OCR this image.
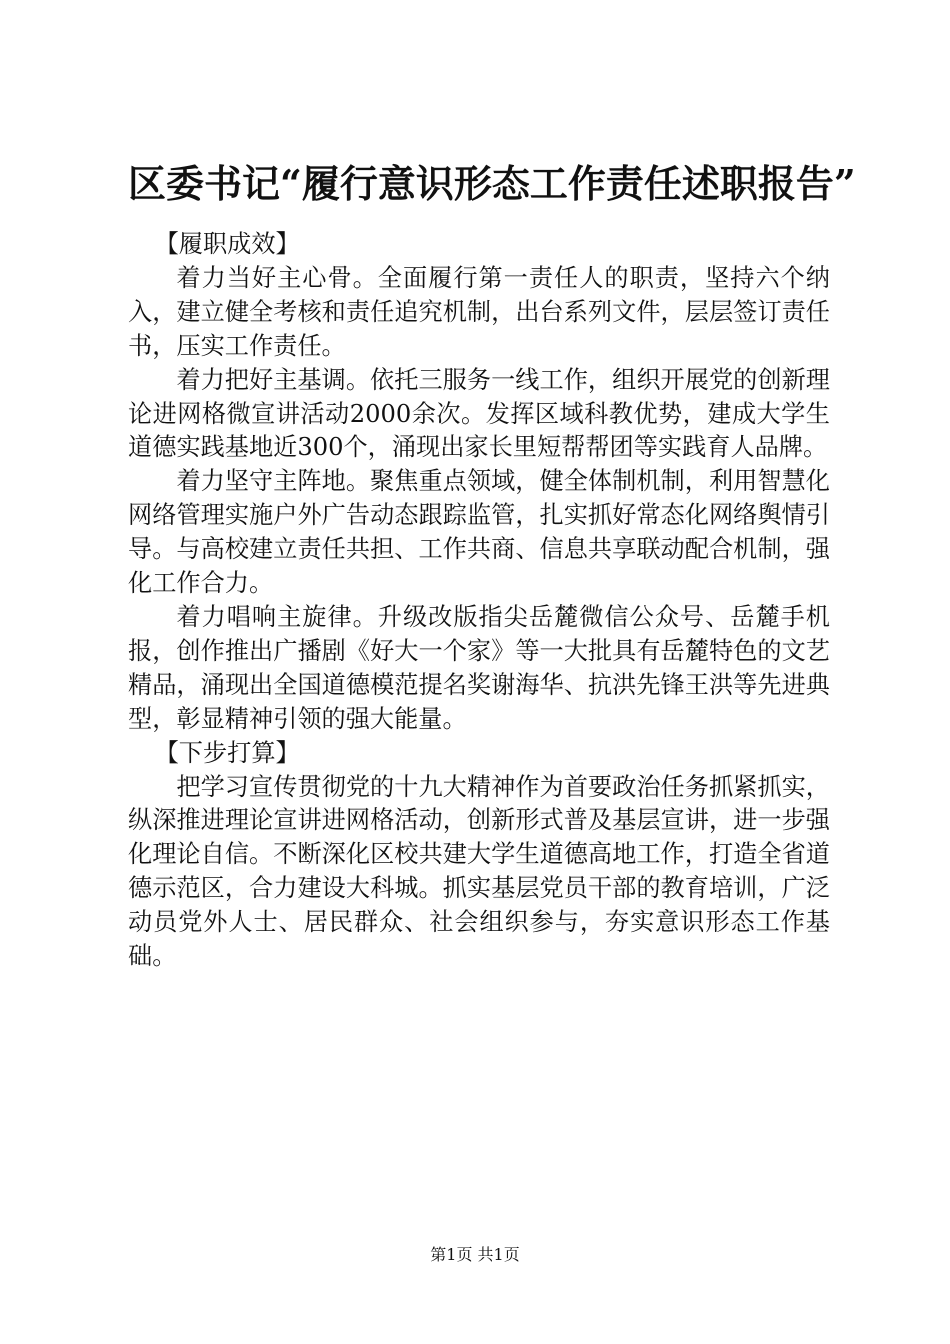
区委书记“履行意识形态工作责任述职报告”

【履职成效】

着力当好主心骨。全面履行第一责任人的职责，坚持六个纳入，建立健全考核和责任追究机制，出台系列文件，层层签订责任书，压实工作责任。

着力把好主基调。依托三服务一线工作，组织开展党的创新理论进网格微宣讲活动2000余次。发挥区域科教优势，建成大学生道德实践基地近300个，涌现出家长里短帮帮团等实践育人品牌。

着力坚守主阵地。聚焦重点领域，健全体制机制，利用智慧化网络管理实施户外广告动态跟踪监管，扎实抓好常态化网络舆情引导。与高校建立责任共担、工作共商、信息共享联动配合机制，强化工作合力。

着力唱响主旋律。升级改版指尖岳麓微信公众号、岳麓手机报，创作推出广播剧《好大一个家》等一大批具有岳麓特色的文艺精品，涌现出全国道德模范提名奖谢海华、抗洪先锋王洪等先进典型，彰显精神引领的强大能量。

【下步打算】

把学习宣传贯彻党的十九大精神作为首要政治任务抓紧抓实，纵深推进理论宣讲进网格活动，创新形式普及基层宣讲，进一步强化理论自信。不断深化区校共建大学生道德高地工作，打造全省道德示范区，合力建设大科城。抓实基层党员干部的教育培训，广泛动员党外人士、居民群众、社会组织参与，夯实意识形态工作基础。

第1页 共1页
